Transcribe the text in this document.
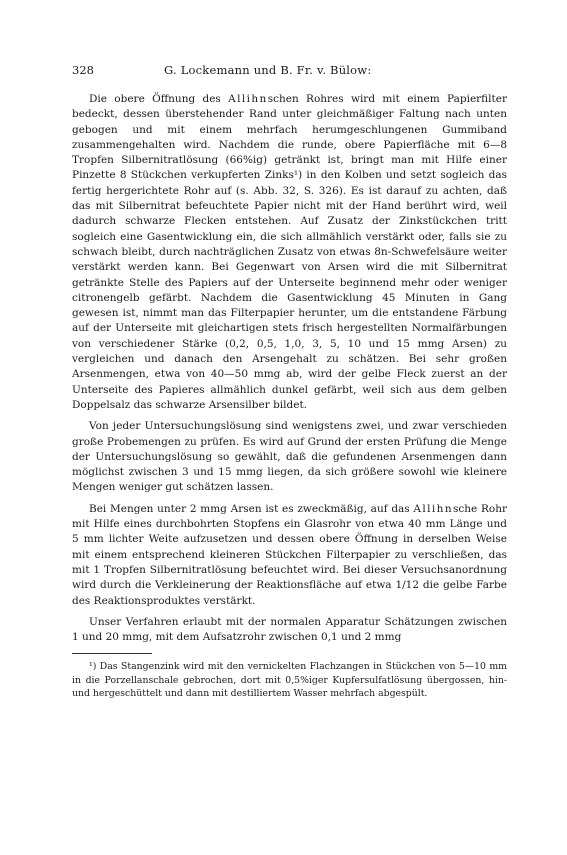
328	G. Lockemann und B. Fr. v. Bülow:

Die obere Öffnung des Allihnschen Rohres wird mit einem Papierfilter bedeckt, dessen überstehender Rand unter gleichmäßiger Faltung nach unten gebogen und mit einem mehrfach herumgeschlungenen Gummiband zusammengehalten wird. Nachdem die runde, obere Papierfläche mit 6—8 Tropfen Silbernitratlösung (66%ig) getränkt ist, bringt man mit Hilfe einer Pinzette 8 Stückchen verkupferten Zinks¹) in den Kolben und setzt sogleich das fertig hergerichtete Rohr auf (s. Abb. 32, S. 326). Es ist darauf zu achten, daß das mit Silbernitrat befeuchtete Papier nicht mit der Hand berührt wird, weil dadurch schwarze Flecken entstehen. Auf Zusatz der Zinkstückchen tritt sogleich eine Gasentwicklung ein, die sich allmählich verstärkt oder, falls sie zu schwach bleibt, durch nachträglichen Zusatz von etwas 8n-Schwefelsäure weiter verstärkt werden kann. Bei Gegenwart von Arsen wird die mit Silbernitrat getränkte Stelle des Papiers auf der Unterseite beginnend mehr oder weniger citronengelb gefärbt. Nachdem die Gasentwicklung 45 Minuten in Gang gewesen ist, nimmt man das Filterpapier herunter, um die entstandene Färbung auf der Unterseite mit gleichartigen stets frisch hergestellten Normalfärbungen von verschiedener Stärke (0,2, 0,5, 1,0, 3, 5, 10 und 15 mmg Arsen) zu vergleichen und danach den Arsengehalt zu schätzen. Bei sehr großen Arsenmengen, etwa von 40—50 mmg ab, wird der gelbe Fleck zuerst an der Unterseite des Papieres allmählich dunkel gefärbt, weil sich aus dem gelben Doppelsalz das schwarze Arsensilber bildet.

Von jeder Untersuchungslösung sind wenigstens zwei, und zwar verschieden große Probemengen zu prüfen. Es wird auf Grund der ersten Prüfung die Menge der Untersuchungslösung so gewählt, daß die gefundenen Arsenmengen dann möglichst zwischen 3 und 15 mmg liegen, da sich größere sowohl wie kleinere Mengen weniger gut schätzen lassen.

Bei Mengen unter 2 mmg Arsen ist es zweckmäßig, auf das Allihnsche Rohr mit Hilfe eines durchbohrten Stopfens ein Glasrohr von etwa 40 mm Länge und 5 mm lichter Weite aufzusetzen und dessen obere Öffnung in derselben Weise mit einem entsprechend kleineren Stückchen Filterpapier zu verschließen, das mit 1 Tropfen Silbernitratlösung befeuchtet wird. Bei dieser Versuchsanordnung wird durch die Verkleinerung der Reaktionsfläche auf etwa 1/12 die gelbe Farbe des Reaktionsproduktes verstärkt.

Unser Verfahren erlaubt mit der normalen Apparatur Schätzungen zwischen 1 und 20 mmg, mit dem Aufsatzrohr zwischen 0,1 und 2 mmg

¹) Das Stangenzink wird mit den vernickelten Flachzangen in Stückchen von 5—10 mm in die Porzellanschale gebrochen, dort mit 0,5%iger Kupfersulfatlösung übergossen, hin- und hergeschüttelt und dann mit destilliertem Wasser mehrfach abgespült.
